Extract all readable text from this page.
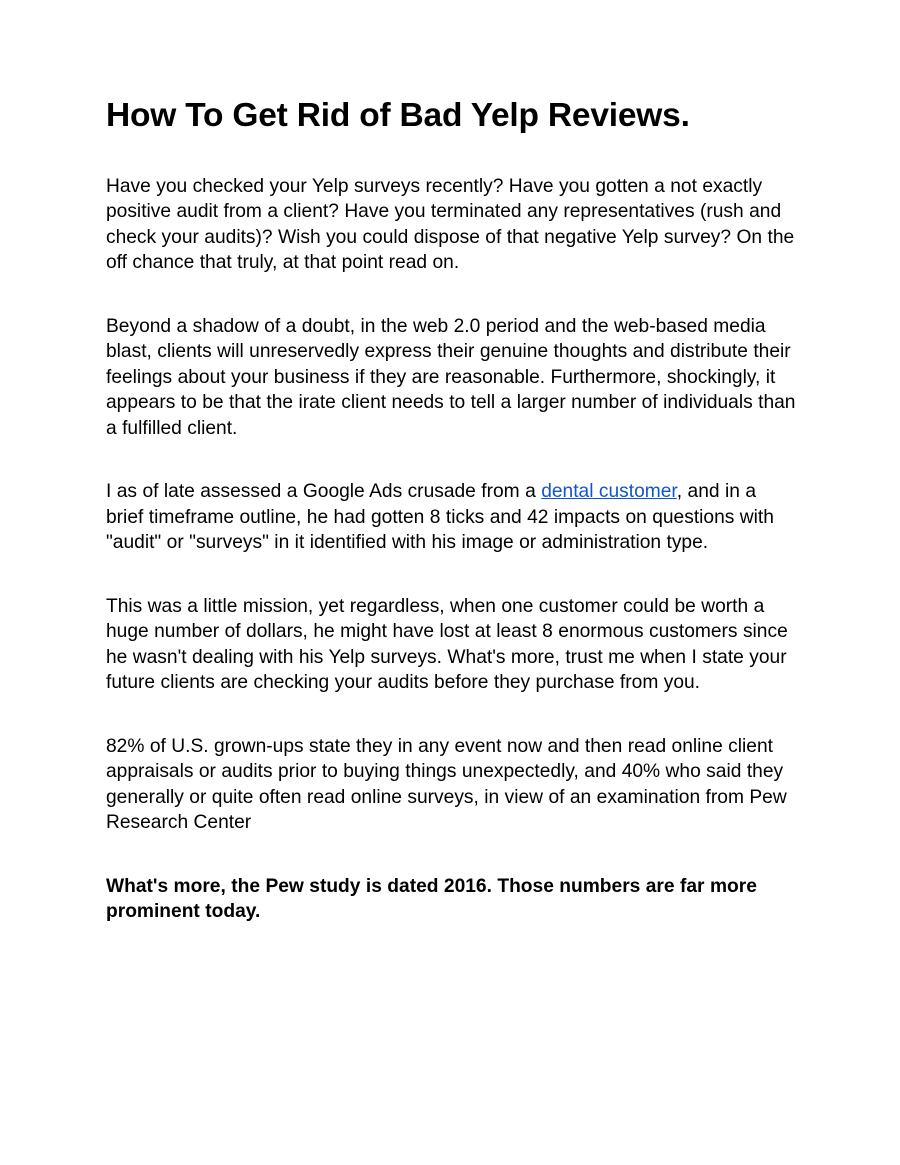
How To Get Rid of Bad Yelp Reviews.

Have you checked your Yelp surveys recently? Have you gotten a not exactly positive audit from a client? Have you terminated any representatives (rush and check your audits)? Wish you could dispose of that negative Yelp survey? On the off chance that truly, at that point read on.

Beyond a shadow of a doubt, in the web 2.0 period and the web-based media blast, clients will unreservedly express their genuine thoughts and distribute their feelings about your business if they are reasonable. Furthermore, shockingly, it appears to be that the irate client needs to tell a larger number of individuals than a fulfilled client.

I as of late assessed a Google Ads crusade from a dental customer, and in a brief timeframe outline, he had gotten 8 ticks and 42 impacts on questions with "audit" or "surveys" in it identified with his image or administration type.

This was a little mission, yet regardless, when one customer could be worth a huge number of dollars, he might have lost at least 8 enormous customers since he wasn't dealing with his Yelp surveys. What's more, trust me when I state your future clients are checking your audits before they purchase from you.

82% of U.S. grown-ups state they in any event now and then read online client appraisals or audits prior to buying things unexpectedly, and 40% who said they generally or quite often read online surveys, in view of an examination from Pew Research Center

What's more, the Pew study is dated 2016. Those numbers are far more prominent today.
